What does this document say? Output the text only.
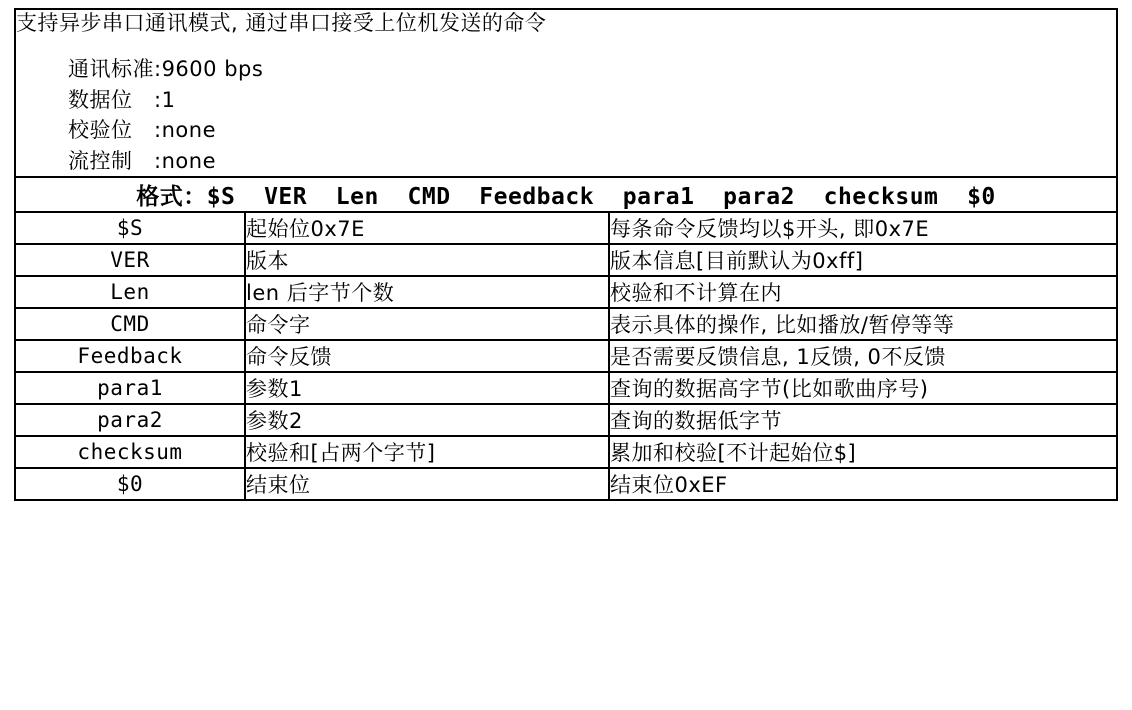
支持异步串口通讯模式, 通过串口接受上位机发送的命令
通讯标准:9600 bps
数据位   :1
校验位   :none
流控制   :none		

格式：$S  VER  Len  CMD  Feedback  para1  para2  checksum  $0		
$S	起始位0x7E	每条命令反馈均以$开头, 即0x7E
VER	版本	版本信息[目前默认为0xff]
Len	len 后字节个数	校验和不计算在内
CMD	命令字	表示具体的操作, 比如播放/暂停等等
Feedback	命令反馈	是否需要反馈信息, 1反馈, 0不反馈
para1	参数1	查询的数据高字节(比如歌曲序号)
para2	参数2	查询的数据低字节
checksum	校验和[占两个字节]	累加和校验[不计起始位$]
$0	结束位	结束位0xEF
